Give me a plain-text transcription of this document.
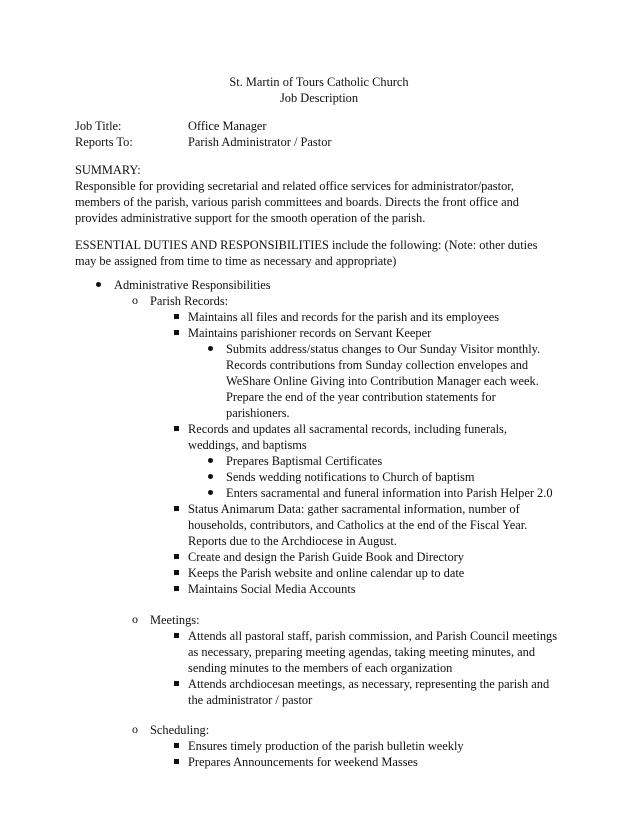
St. Martin of Tours Catholic Church
Job Description
Job Title:	Office Manager
Reports To:	Parish Administrator / Pastor
SUMMARY:
Responsible for providing secretarial and related office services for administrator/pastor,
members of the parish, various parish committees and boards. Directs the front office and
provides administrative support for the smooth operation of the parish.
ESSENTIAL DUTIES AND RESPONSIBILITIES include the following: (Note: other duties
may be assigned from time to time as necessary and appropriate)
Administrative Responsibilities
o Parish Records:
Maintains all files and records for the parish and its employees
Maintains parishioner records on Servant Keeper
Submits address/status changes to Our Sunday Visitor monthly.
Records contributions from Sunday collection envelopes and
WeShare Online Giving into Contribution Manager each week.
Prepare the end of the year contribution statements for
parishioners.
Records and updates all sacramental records, including funerals,
weddings, and baptisms
Prepares Baptismal Certificates
Sends wedding notifications to Church of baptism
Enters sacramental and funeral information into Parish Helper 2.0
Status Animarum Data: gather sacramental information, number of
households, contributors, and Catholics at the end of the Fiscal Year.
Reports due to the Archdiocese in August.
Create and design the Parish Guide Book and Directory
Keeps the Parish website and online calendar up to date
Maintains Social Media Accounts
o Meetings:
Attends all pastoral staff, parish commission, and Parish Council meetings
as necessary, preparing meeting agendas, taking meeting minutes, and
sending minutes to the members of each organization
Attends archdiocesan meetings, as necessary, representing the parish and
the administrator / pastor
o Scheduling:
Ensures timely production of the parish bulletin weekly
Prepares Announcements for weekend Masses
